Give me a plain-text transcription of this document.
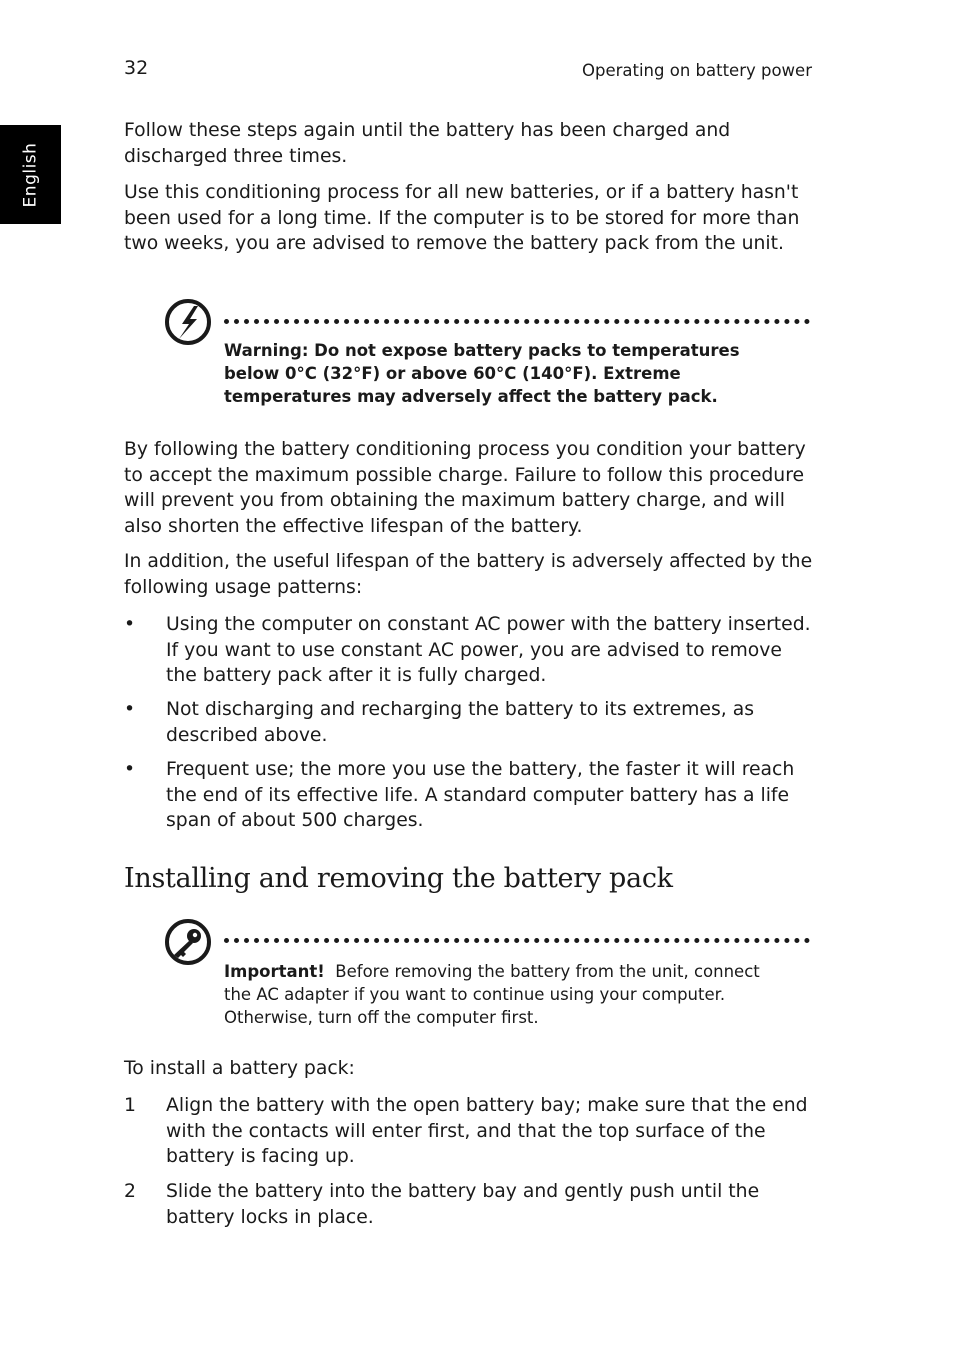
32	Operating on battery power
English

Follow these steps again until the battery has been charged and discharged three times.

Use this conditioning process for all new batteries, or if a battery hasn't been used for a long time. If the computer is to be stored for more than two weeks, you are advised to remove the battery pack from the unit.

Warning: Do not expose battery packs to temperatures below 0°C (32°F) or above 60°C (140°F). Extreme temperatures may adversely affect the battery pack.

By following the battery conditioning process you condition your battery to accept the maximum possible charge. Failure to follow this procedure will prevent you from obtaining the maximum battery charge, and will also shorten the effective lifespan of the battery.

In addition, the useful lifespan of the battery is adversely affected by the following usage patterns:

• Using the computer on constant AC power with the battery inserted. If you want to use constant AC power, you are advised to remove the battery pack after it is fully charged.
• Not discharging and recharging the battery to its extremes, as described above.
• Frequent use; the more you use the battery, the faster it will reach the end of its effective life. A standard computer battery has a life span of about 500 charges.
Installing and removing the battery pack

Important! Before removing the battery from the unit, connect the AC adapter if you want to continue using your computer. Otherwise, turn off the computer first.

To install a battery pack:

1 Align the battery with the open battery bay; make sure that the end with the contacts will enter first, and that the top surface of the battery is facing up.
2 Slide the battery into the battery bay and gently push until the battery locks in place.
